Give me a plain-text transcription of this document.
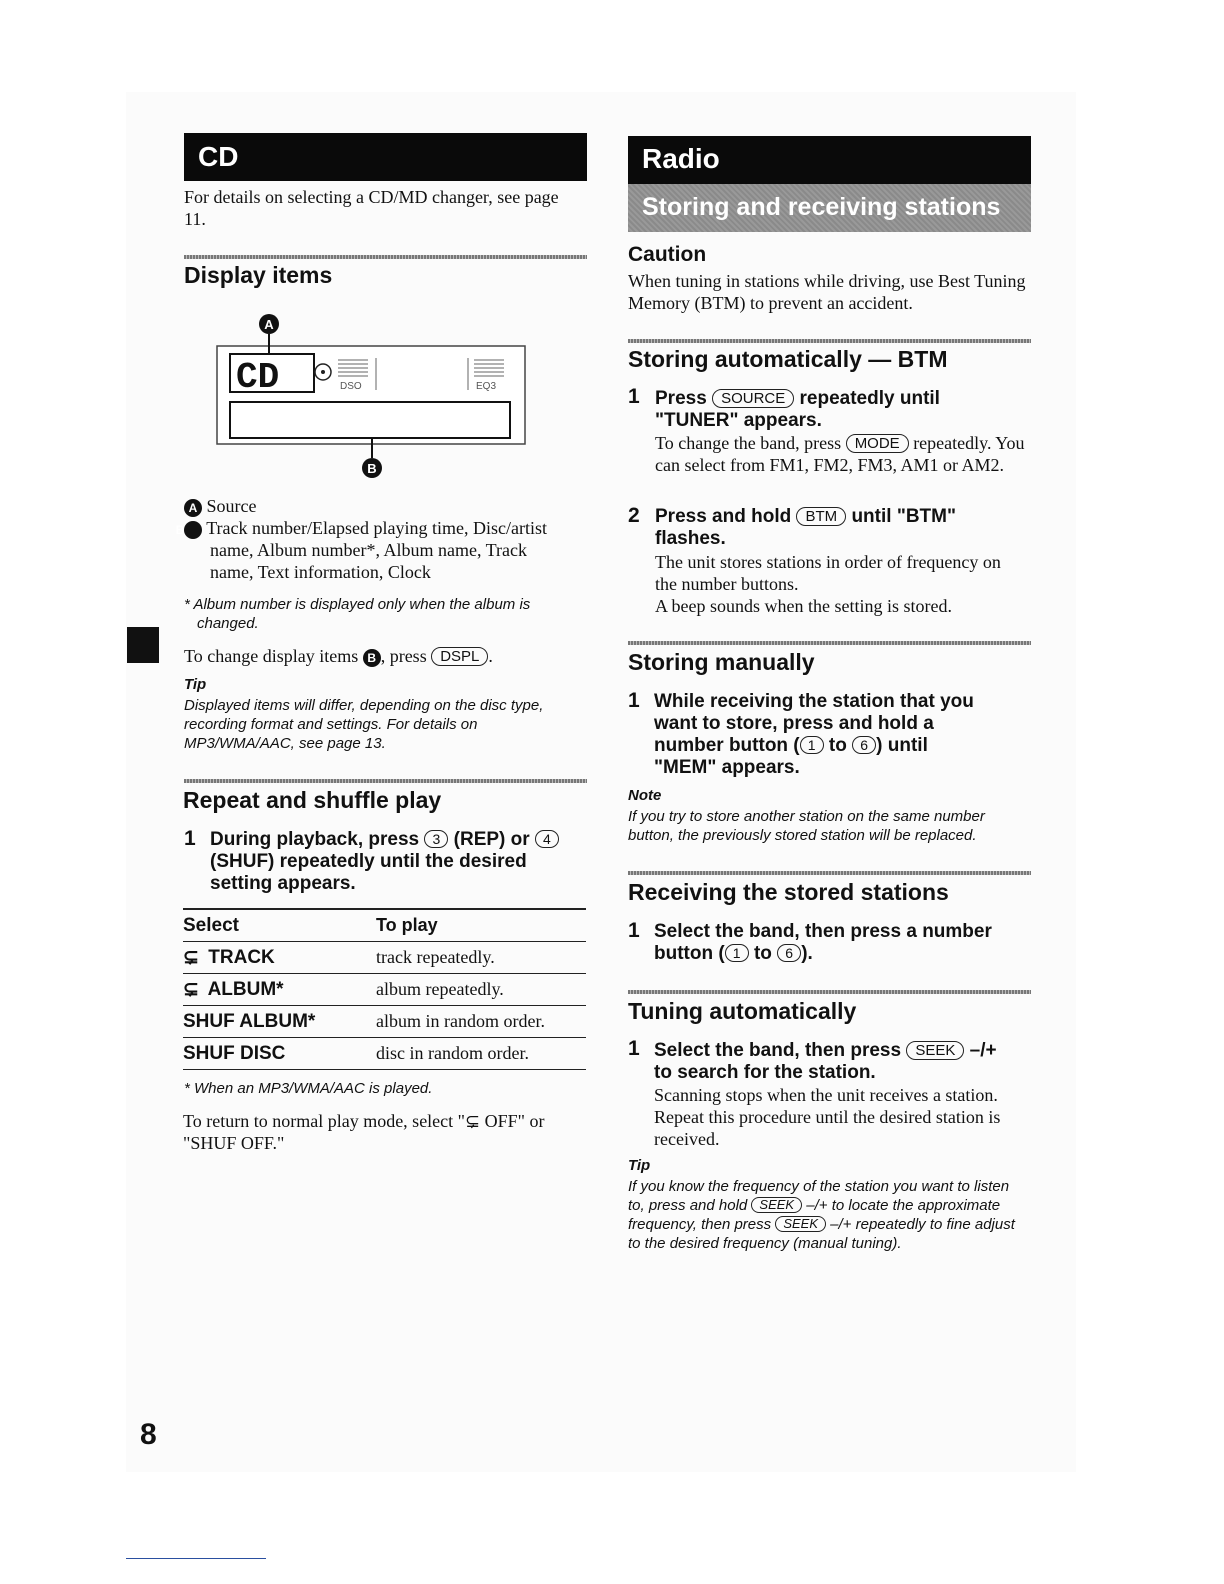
CD
For details on selecting a CD/MD changer, see page 11.
Display items
CD	DSO	EQ3
A
B
A Source
B Track number/Elapsed playing time, Disc/artist name, Album number*, Album name, Track name, Text information, Clock
* Album number is displayed only when the album is changed.
To change display items B , press DSPL .
Tip
Displayed items will differ, depending on the disc type, recording format and settings. For details on MP3/WMA/AAC, see page 13.
Repeat and shuffle play
1 During playback, press 3 (REP) or 4 (SHUF) repeatedly until the desired setting appears.
Select	To play
⊊ TRACK	track repeatedly.
⊊ ALBUM*	album repeatedly.
SHUF ALBUM*	album in random order.
SHUF DISC	disc in random order.
* When an MP3/WMA/AAC is played.
To return to normal play mode, select "⊊ OFF" or "SHUF OFF."
Radio
Storing and receiving stations
Caution
When tuning in stations while driving, use Best Tuning Memory (BTM) to prevent an accident.
Storing automatically — BTM
1 Press SOURCE repeatedly until
"TUNER" appears.
To change the band, press MODE repeatedly. You can select from FM1, FM2, FM3, AM1 or AM2.
2 Press and hold BTM until "BTM"
flashes.
The unit stores stations in order of frequency on the number buttons.
A beep sounds when the setting is stored.
Storing manually
1 While receiving the station that you
want to store, press and hold a
number button ( 1 to 6 ) until
"MEM" appears.
Note
If you try to store another station on the same number button, the previously stored station will be replaced.
Receiving the stored stations
1 Select the band, then press a number
button ( 1 to 6 ).
Tuning automatically
1 Select the band, then press SEEK –/+
to search for the station.
Scanning stops when the unit receives a station. Repeat this procedure until the desired station is received.
Tip
If you know the frequency of the station you want to listen to, press and hold SEEK –/+ to locate the approximate frequency, then press SEEK –/+ repeatedly to fine adjust to the desired frequency (manual tuning).
8
